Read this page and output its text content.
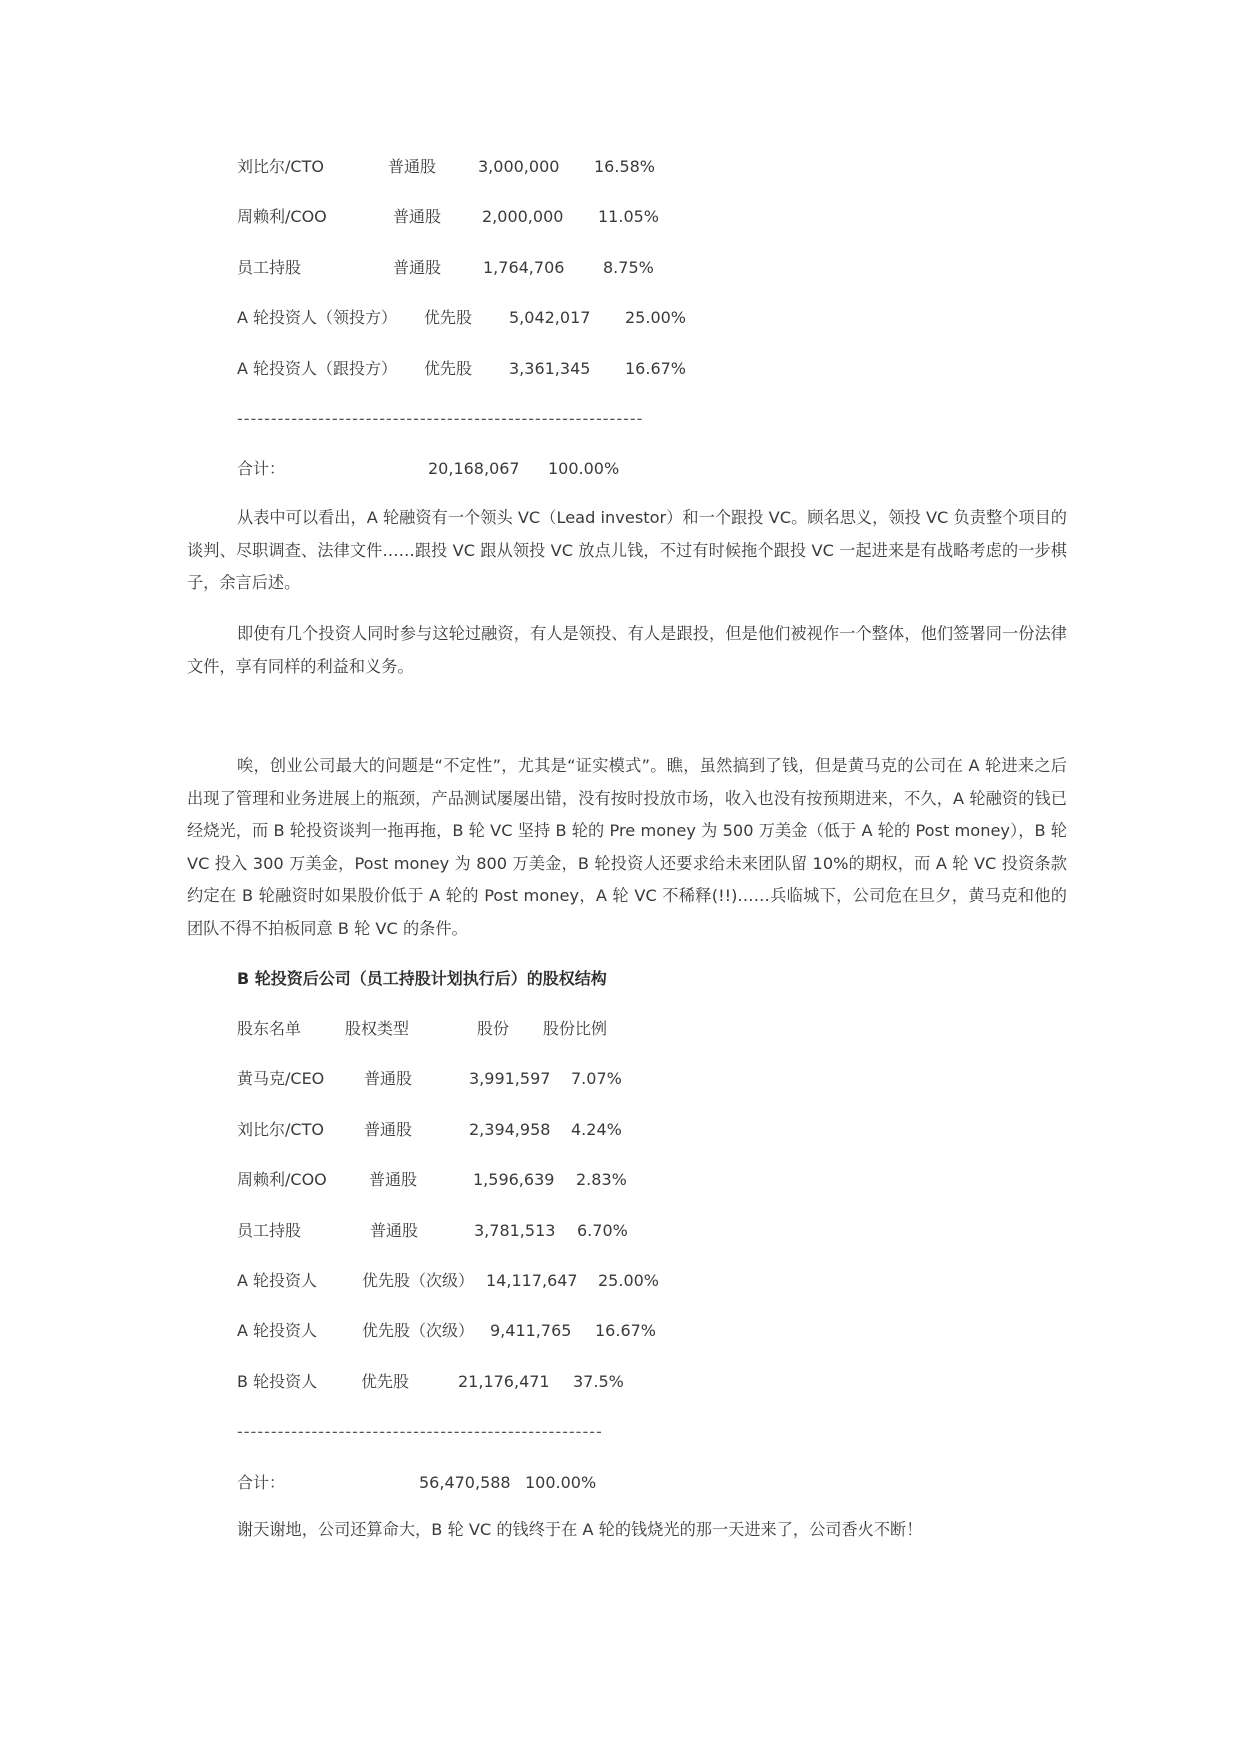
刘比尔/CTO	普通股	3,000,000 16.58%
周赖利/COO	普通股	2,000,000 11.05%
员工持股	普通股	1,764,706 8.75%
A 轮投资人（领投方） 优先股 5,042,017 25.00%
A 轮投资人（跟投方） 优先股 3,361,345 16.67%
------------------------------------------------------------
合计：	20,168,067 100.00%

从表中可以看出，A 轮融资有一个领头 VC（Lead investor）和一个跟投 VC。顾名思义，领投 VC 负责整个项目的谈判、尽职调查、法律文件……跟投 VC 跟从领投 VC 放点儿钱，不过有时候拖个跟投 VC 一起进来是有战略考虑的一步棋子，余言后述。

即使有几个投资人同时参与这轮过融资，有人是领投、有人是跟投，但是他们被视作一个整体，他们签署同一份法律文件，享有同样的利益和义务。

唉，创业公司最大的问题是“不定性”，尤其是“证实模式”。瞧，虽然搞到了钱，但是黄马克的公司在 A 轮进来之后出现了管理和业务进展上的瓶颈，产品测试屡屡出错，没有按时投放市场，收入也没有按预期进来，不久，A 轮融资的钱已经烧光，而 B 轮投资谈判一拖再拖，B 轮 VC 坚持 B 轮的 Pre money 为 500 万美金（低于 A 轮的 Post money），B 轮 VC 投入 300 万美金，Post money 为 800 万美金，B 轮投资人还要求给未来团队留 10%的期权，而 A 轮 VC 投资条款约定在 B 轮融资时如果股价低于 A 轮的 Post money，A 轮 VC 不稀释(!!)……兵临城下，公司危在旦夕，黄马克和他的团队不得不拍板同意 B 轮 VC 的条件。

B 轮投资后公司（员工持股计划执行后）的股权结构
股东名单	股权类型	股份 股份比例
黄马克/CEO 普通股	3,991,597 7.07%
刘比尔/CTO	普通股	2,394,958 4.24%
周赖利/COO	普通股	1,596,639 2.83%
员工持股	普通股	3,781,513 6.70%
A 轮投资人	优先股（次级） 14,117,647 25.00%
A 轮投资人	优先股（次级） 9,411,765 16.67%
B 轮投资人	优先股	21,176,471 37.5%
------------------------------------------------------
合计：	56,470,588 100.00%

谢天谢地，公司还算命大，B 轮 VC 的钱终于在 A 轮的钱烧光的那一天进来了，公司香火不断！
